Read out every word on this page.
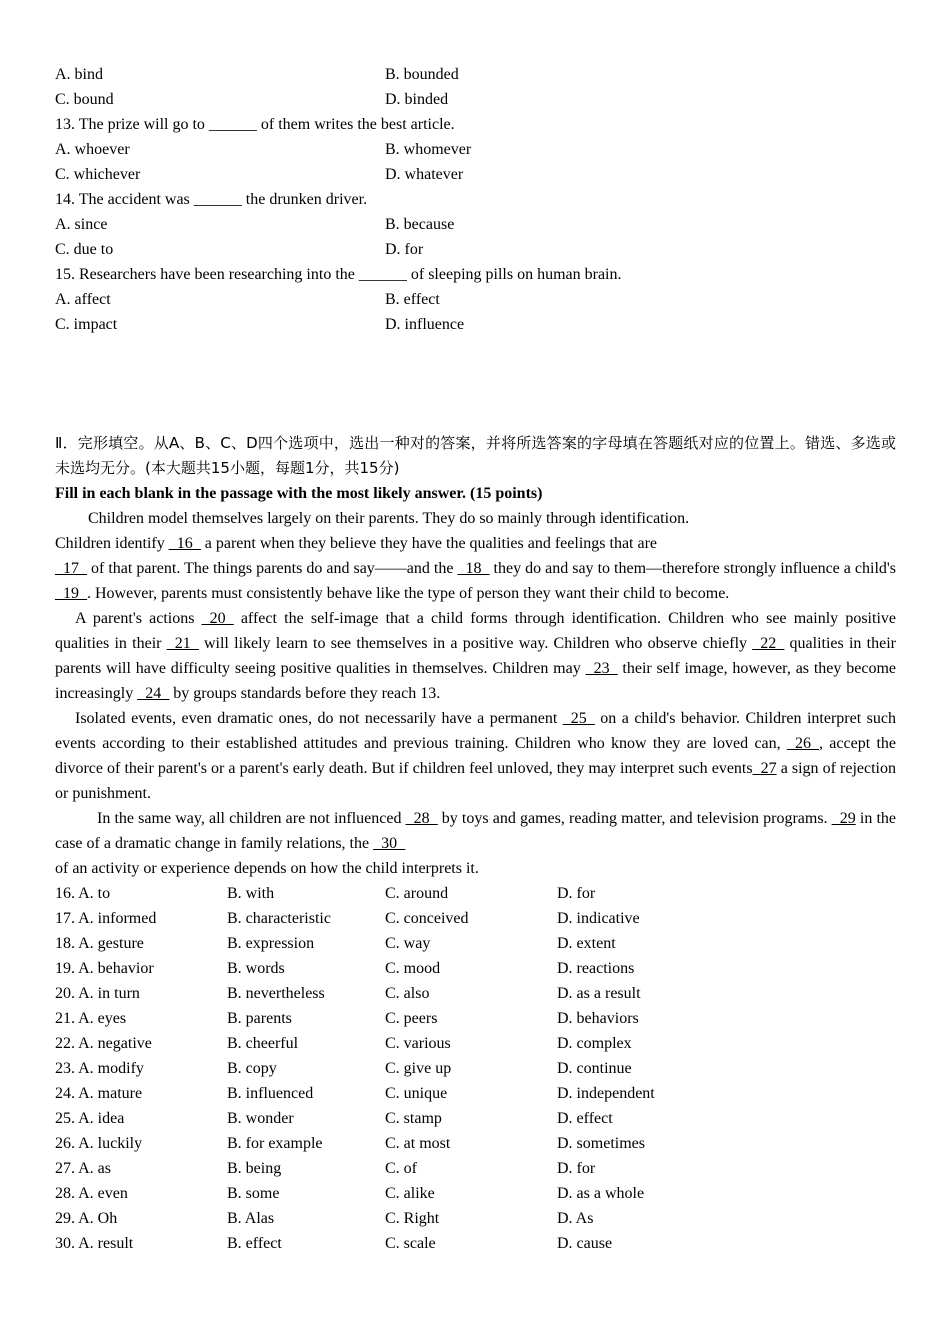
A. bind	B. bounded
C. bound	D. binded
13. The prize will go to ______ of them writes the best article.
A. whoever	B. whomever
C. whichever	D. whatever
14. The accident was ______ the drunken driver.
A. since	B. because
C. due to	D. for
15. Researchers have been researching into the ______ of sleeping pills on human brain.
A. affect	B. effect
C. impact	D. influence

Ⅱ．完形填空。从A、B、C、D四个选项中，选出一种对的答案，并将所选答案的字母填在答题纸对应的位置上。错选、多选或未选均无分。(本大题共15小题，每题1分，共15分)

Fill in each blank in the passage with the most likely answer. (15 points)
Children model themselves largely on their parents. They do so mainly through identification.
Children identify _16_ a parent when they believe they have the qualities and feelings that are

_17_ of that parent. The things parents do and say——and the _18_ they do and say to them—therefore strongly influence a child's _19_. However, parents must consistently behave like the type of person they want their child to become.

A parent's actions _20_ affect the self-image that a child forms through identification. Children who see mainly positive qualities in their _21_ will likely learn to see themselves in a positive way. Children who observe chiefly _22_ qualities in their parents will have difficulty seeing positive qualities in themselves. Children may _23_ their self image, however, as they become increasingly _24_ by groups standards before they reach 13.

Isolated events, even dramatic ones, do not necessarily have a permanent _25_ on a child's behavior. Children interpret such events according to their established attitudes and previous training. Children who know they are loved can, _26_, accept the divorce of their parent's or a parent's early death. But if children feel unloved, they may interpret such events_27 a sign of rejection or punishment.

In the same way, all children are not influenced _28_ by toys and games, reading matter, and television programs. _29 in the case of a dramatic change in family relations, the _30_

of an activity or experience depends on how the child interprets it.
16. A. to	B. with	C. around	D. for
17. A. informed	B. characteristic	C. conceived	D. indicative
18. A. gesture	B. expression	C. way	D. extent
19. A. behavior	B. words	C. mood	D. reactions
20. A. in turn	B. nevertheless	C. also	D. as a result
21. A. eyes	B. parents	C. peers	D. behaviors
22. A. negative	B. cheerful	C. various	D. complex
23. A. modify	B. copy	C. give up	D. continue
24. A. mature	B. influenced	C. unique	D. independent
25. A. idea	B. wonder	C. stamp	D. effect
26. A. luckily	B. for example	C. at most	D. sometimes
27. A. as	B. being	C. of	D. for
28. A. even	B. some	C. alike	D. as a whole
29. A. Oh	B. Alas	C. Right	D. As
30. A. result	B. effect	C. scale	D. cause
